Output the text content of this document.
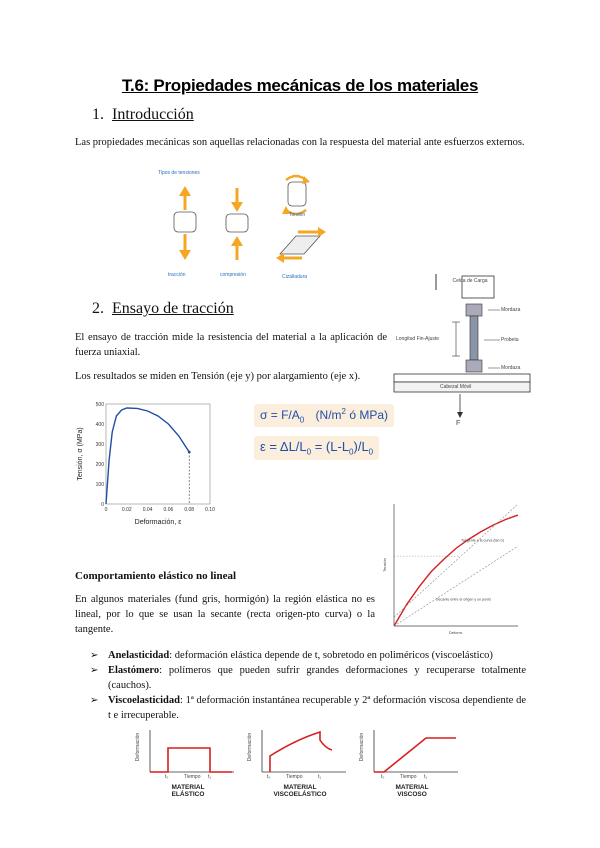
T.6: Propiedades mecánicas de los materiales
1. Introducción
Las propiedades mecánicas son aquellas relacionadas con la respuesta del material ante esfuerzos externos.
Tipos de tensiones
tracción	compresión
Torsión
Cizalladura
2. Ensayo de tracción
El ensayo de tracción mide la resistencia del material a la aplicación de fuerza uniaxial.
Los resultados se miden en Tensión (eje y) por alargamiento (eje x).
Celda de Carga
Mordaza
Longitud Fin-Ajuste	Probeta
Mordaza
Cabezal Móvil
F
0
100
200
300
400
500
0	0.02 0.04 0.06 0.08 0.10
Deformación, ε
Tensión, σ (MPa)
$\sigma = F/A_0$ ($N/m^2$ ó MPa)
$\varepsilon = \Delta L/L_0 = (L-L_0)/L_0$
Tangente a la curva (tan σ)
Secante entre el origen y un punto
Deform.
Tensión
Comportamiento elástico no lineal
En algunos materiales (fund gris, hormigón) la región elástica no es lineal, por lo que se usan la secante (recta origen-pto curva) o la tangente.
➢ Anelasticidad: deformación elástica depende de t, sobretodo en poliméricos (viscoelástico)
➢ Elastómero: polímeros que pueden sufrir grandes deformaciones y recuperarse totalmente (cauchos).
➢ Viscoelasticidad: 1ª deformación instantánea recuperable y 2ª deformación viscosa dependiente de t e irrecuperable.
Deformación
t₀	Tiempo t₁
MATERIAL
ELÁSTICO
Deformación
t₀	Tiempo	t₁
MATERIAL
VISCOELÁSTICO
Deformación
t₀	Tiempo t₁
MATERIAL
VISCOSO
